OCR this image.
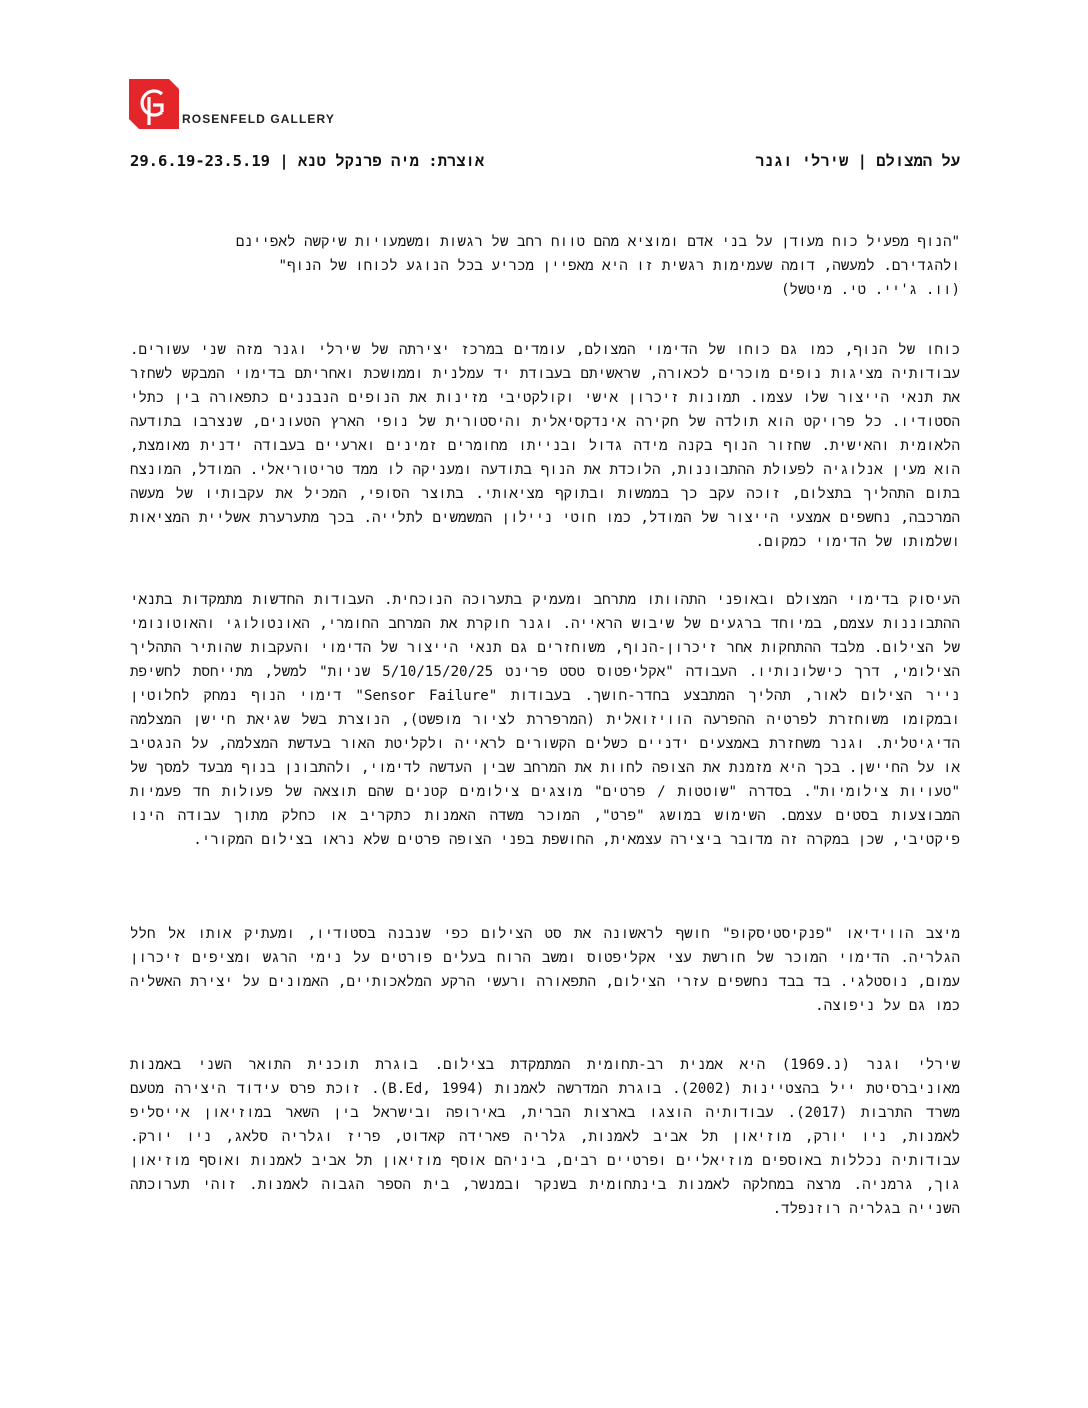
ROSENFELD GALLERY
על המצולם | שירלי וגנר
אוצרת: מיה פרנקל טנא | 29.6.19-23.5.19
"הנוף מפעיל כוח מעודן על בני אדם ומוציא מהם טווח רחב של רגשות ומשמעויות שיקשה לאפיינם
ולהגדירם. למעשה, דומה שעמימות רגשית זו היא מאפיין מכריע בכל הנוגע לכוחו של הנוף"
(וו. ג'יי. טי. מיטשל)

כוחו של הנוף, כמו גם כוחו של הדימוי המצולם, עומדים במרכז יצירתה של שירלי וגנר מזה שני עשורים. עבודותיה מציגות נופים מוכרים לכאורה, שראשיתם בעבודת יד עמלנית וממושכת ואחריתם בדימוי המבקש לשחזר את תנאי הייצור שלו עצמו. תמונות זיכרון אישי וקולקטיבי מזינות את הנופים הנבננים כתפאורה בין כתלי הסטודיו. כל פרויקט הוא תולדה של חקירה אינדקסיאלית והיסטורית של נופי הארץ הטעונים, שנצרבו בתודעה הלאומית והאישית. שחזור הנוף בקנה מידה גדול ובנייתו מחומרים זמינים וארעיים בעבודה ידנית מאומצת, הוא מעין אנלוגיה לפעולת ההתבוננות, הלוכדת את הנוף בתודעה ומעניקה לו ממד טריטוריאלי. המודל, המונצח בתום התהליך בתצלום, זוכה עקב כך בממשות ובתוקף מציאותי. בתוצר הסופי, המכיל את עקבותיו של מעשה המרכבה, נחשפים אמצעי הייצור של המודל, כמו חוטי ניילון המשמשים לתלייה. בכך מתערערת אשליית המציאות ושלמותו של הדימוי כמקום.

העיסוק בדימוי המצולם ובאופני התהוותו מתרחב ומעמיק בתערוכה הנוכחית. העבודות החדשות מתמקדות בתנאי ההתבוננות עצמם, במיוחד ברגעים של שיבוש הראייה. וגנר חוקרת את המרחב החומרי, האונטולוגי והאוטונומי של הצילום. מלבד ההתחקות אחר זיכרון-הנוף, משוחזרים גם תנאי הייצור של הדימוי והעקבות שהותיר התהליך הצילומי, דרך כישלונותיו. העבודה "אקליפטוס טסט פרינט 5/10/15/20/25 שניות" למשל, מתייחסת לחשיפת נייר הצילום לאור, תהליך המתבצע בחדר-חושך. בעבודות "Sensor Failure" דימוי הנוף נמחק לחלוטין ובמקומו משוחזרת לפרטיה ההפרעה הוויזואלית (המרפררת לציור מופשט), הנוצרת בשל שגיאת חיישן המצלמה הדיגיטלית. וגנר משחזרת באמצעים ידניים כשלים הקשורים לראייה ולקליטת האור בעדשת המצלמה, על הנגטיב או על החיישן. בכך היא מזמנת את הצופה לחוות את המרחב שבין העדשה לדימוי, ולהתבונן בנוף מבעד למסך של "טעויות צילומיות". בסדרה "שוטטות / פרטים" מוצגים צילומים קטנים שהם תוצאה של פעולות חד פעמיות המבוצעות בסטים עצמם. השימוש במושג "פרט", המוכר משדה האמנות כתקריב או כחלק מתוך עבודה הינו פיקטיבי, שכן במקרה זה מדובר ביצירה עצמאית, החושפת בפני הצופה פרטים שלא נראו בצילום המקורי.

מיצב הווידיאו "פנקיסטיסקופ" חושף לראשונה את סט הצילום כפי שנבנה בסטודיו, ומעתיק אותו אל חלל הגלריה. הדימוי המוכר של חורשת עצי אקליפטוס ומשב הרוח בעלים פורטים על נימי הרגש ומציפים זיכרון עמום, נוסטלגי. בד בבד נחשפים עזרי הצילום, התפאורה ורעשי הרקע המלאכותיים, האמונים על יצירת האשליה כמו גם על ניפוצה.

שירלי וגנר (נ.1969) היא אמנית רב-תחומית המתמקדת בצילום. בוגרת תוכנית התואר השני באמנות מאוניברסיטת ייל בהצטיינות (2002). בוגרת המדרשה לאמנות (B.Ed, 1994). זוכת פרס עידוד היצירה מטעם משרד התרבות (2017). עבודותיה הוצגו בארצות הברית, באירופה ובישראל בין השאר במוזיאון אייסליפ לאמנות, ניו יורק, מוזיאון תל אביב לאמנות, גלריה פארידה קאדוט, פריז וגלריה סלאג, ניו יורק. עבודותיה נכללות באוספים מוזיאליים ופרטיים רבים, ביניהם אוסף מוזיאון תל אביב לאמנות ואוסף מוזיאון גוך, גרמניה. מרצה במחלקה לאמנות בינתחומית בשנקר ובמנשר, בית הספר הגבוה לאמנות. זוהי תערוכתה השנייה בגלריה רוזנפלד.
